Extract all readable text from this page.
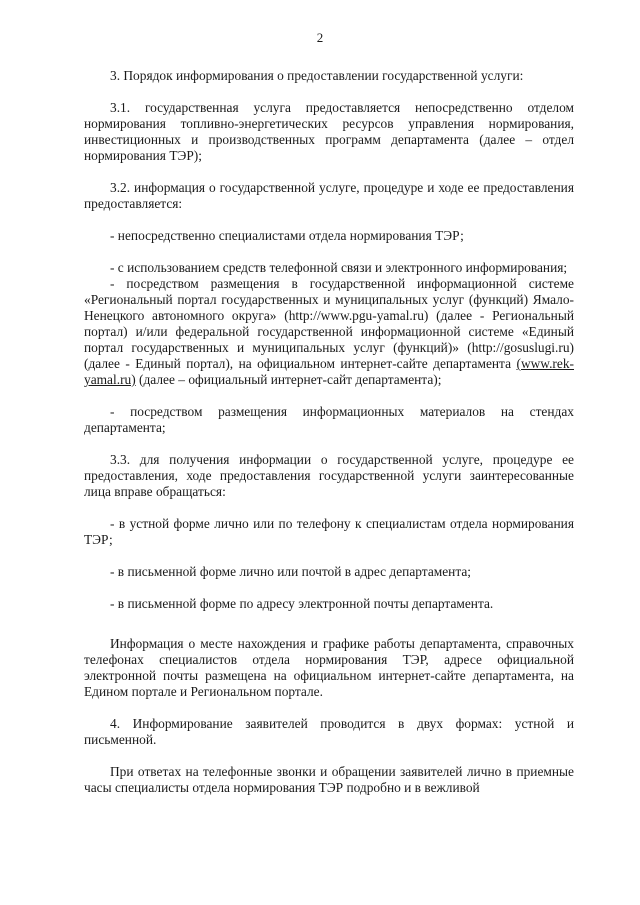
2

3. Порядок информирования о предоставлении государственной услуги:

3.1. государственная услуга предоставляется непосредственно отделом нормирования топливно-энергетических ресурсов управления нормирования, инвестиционных и производственных программ департамента (далее – отдел нормирования ТЭР);

3.2. информация о государственной услуге, процедуре и ходе ее предоставления предоставляется:

- непосредственно специалистами отдела нормирования ТЭР;

- с использованием средств телефонной связи и электронного информирования;

- посредством размещения в государственной информационной системе «Региональный портал государственных и муниципальных услуг (функций) Ямало-Ненецкого автономного округа» (http://www.pgu-yamal.ru) (далее - Региональный портал) и/или федеральной государственной информационной системе «Единый портал государственных и муниципальных услуг (функций)» (http://gosuslugi.ru) (далее - Единый портал), на официальном интернет-сайте департамента (www.rek-yamal.ru) (далее – официальный интернет-сайт департамента);

- посредством размещения информационных материалов на стендах департамента;

3.3. для получения информации о государственной услуге, процедуре ее предоставления, ходе предоставления государственной услуги заинтересованные лица вправе обращаться:

- в устной форме лично или по телефону к специалистам отдела нормирования ТЭР;

- в письменной форме лично или почтой в адрес департамента;

- в письменной форме по адресу электронной почты департамента.

Информация о месте нахождения и графике работы департамента, справочных телефонах специалистов отдела нормирования ТЭР, адресе официальной электронной почты размещена на официальном интернет-сайте департамента, на Едином портале и Региональном портале.

4. Информирование заявителей проводится в двух формах: устной и письменной.

При ответах на телефонные звонки и обращении заявителей лично в приемные часы специалисты отдела нормирования ТЭР подробно и в вежливой
